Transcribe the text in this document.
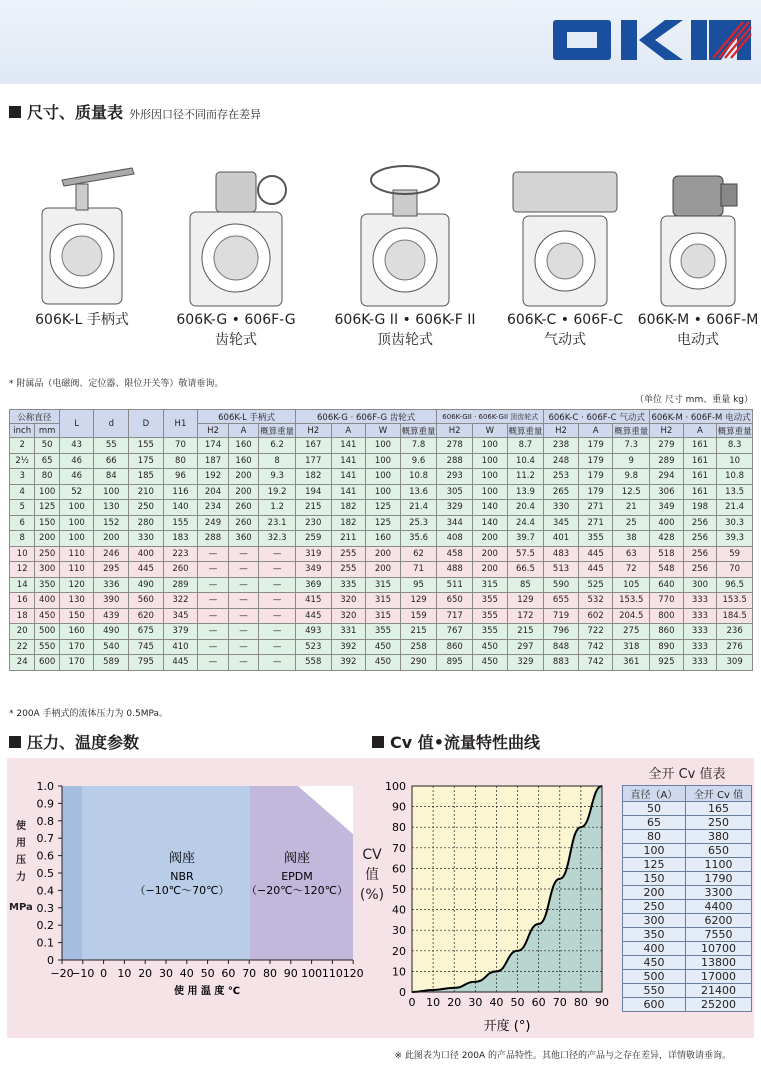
尺寸、质量表 外形因口径不同而存在差异
606K-L 手柄式	606K-G • 606F-G
齿轮式
606K-G II • 606K-F II
顶齿轮式
606K-C • 606F-C
气动式
606K-M • 606F-M
电动式
* 附属品（电磁阀、定位器、限位开关等）敬请垂询。
（单位 尺寸 mm、重量 kg）
公称直径		L	d	D	H1	606K-L 手柄式			606K-G · 606F-G 齿轮式				606K-GII · 606K-GII 顶齿轮式			606K-C · 606F-C 气动式			606K-M · 606F-M 电动式		
inch	mm					H2	A	概算重量	H2	A	W	概算重量	H2	W	概算重量	H2	A	概算重量	H2	A	概算重量
2	50	43	55	155	70	174	160	6.2	167	141	100	7.8	278	100	8.7	238	179	7.3	279	161	8.3
2½	65	46	66	175	80	187	160	8	177	141	100	9.6	288	100	10.4	248	179	9	289	161	10
3	80	46	84	185	96	192	200	9.3	182	141	100	10.8	293	100	11.2	253	179	9.8	294	161	10.8
4	100	52	100	210	116	204	200	19.2	194	141	100	13.6	305	100	13.9	265	179	12.5	306	161	13.5
5	125	100	130	250	140	234	260	1.2	215	182	125	21.4	329	140	20.4	330	271	21	349	198	21.4
6	150	100	152	280	155	249	260	23.1	230	182	125	25.3	344	140	24.4	345	271	25	400	256	30.3
8	200	100	200	330	183	288	360	32.3	259	211	160	35.6	408	200	39.7	401	355	38	428	256	39.3
10	250	110	246	400	223	—	—	—	319	255	200	62	458	200	57.5	483	445	63	518	256	59
12	300	110	295	445	260	—	—	—	349	255	200	71	488	200	66.5	513	445	72	548	256	70
14	350	120	336	490	289	—	—	—	369	335	315	95	511	315	85	590	525	105	640	300	96.5
16	400	130	390	560	322	—	—	—	415	320	315	129	650	355	129	655	532	153.5	770	333	153.5
18	450	150	439	620	345	—	—	—	445	320	315	159	717	355	172	719	602	204.5	800	333	184.5
20	500	160	490	675	379	—	—	—	493	331	355	215	767	355	215	796	722	275	860	333	236
22	550	170	540	745	410	—	—	—	523	392	450	258	860	450	297	848	742	318	890	333	276
24	600	170	589	795	445	—	—	—	558	392	450	290	895	450	329	883	742	361	925	333	309
* 200A 手柄式的流体压力为 0.5MPa。
压力、温度参数	Cv 值•流量特性曲线
1.0
0.9
0.8
0.7
0.6
0.5
0.4
0.3
0.2
0.1
0
−20
−10 0 10 20 30 40 50 60 70 80 90 100 110 120
阀座
NBR
（−10℃～70℃）
阀座
EPDM
（−20℃～120℃）
使 用 温 度 ℃
使用压力
MPa
100
90
80
70
60
50
40
30
20
10
0
0 10 20 30 40 50 60 70 80 90
开度 (°)
CV 值 (%)
全开 Cv 值表
直径（A）	全开 Cv 值
50	165
65	250
80	380
100	650
125	1100
150	1790
200	3300
250	4400
300	6200
350	7550
400	10700
450	13800
500	17000
550	21400
600	25200
※ 此图表为口径 200A 的产品特性。其他口径的产品与之存在差异，详情敬请垂询。
